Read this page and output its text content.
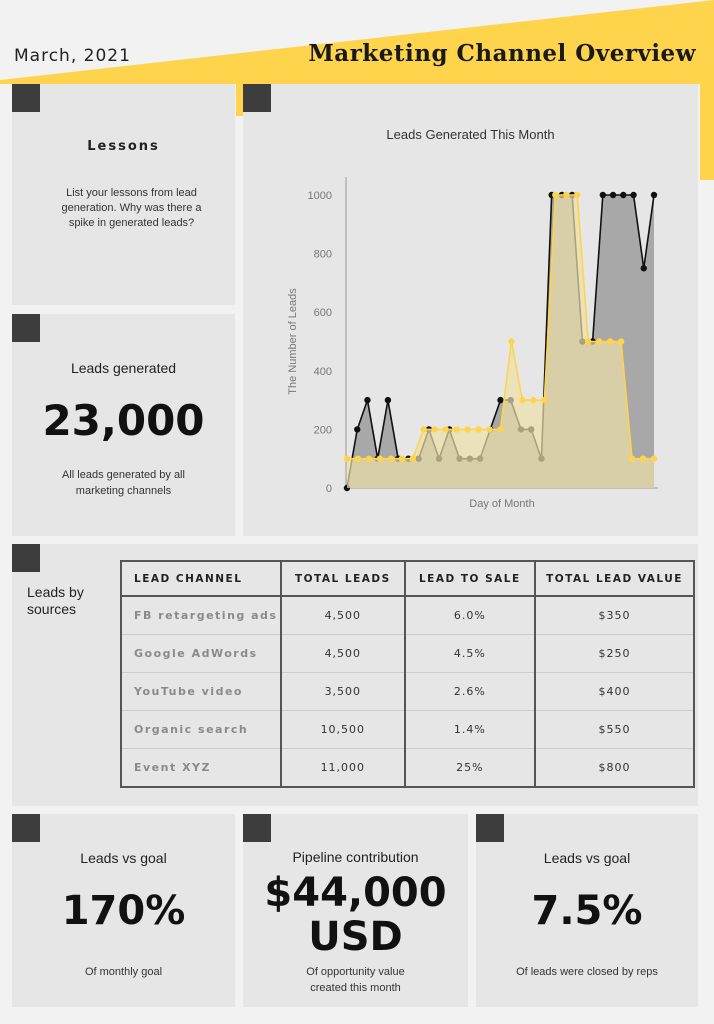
March, 2021	Marketing Channel Overview
Lessons
List your lessons from lead generation. Why was there a spike in generated leads?
Leads generated
23,000
All leads generated by all marketing channels
Leads Generated This Month
0
200
400
600
800
1000
The Number of Leads
Day of Month
Leads by sources
LEAD CHANNEL	TOTAL LEADS	LEAD TO SALE	TOTAL LEAD VALUE
FB retargeting ads	4,500	6.0%	$350
Google AdWords	4,500	4.5%	$250
YouTube video	3,500	2.6%	$400
Organic search	10,500	1.4%	$550
Event XYZ	11,000	25%	$800
Leads vs goal
170%
Of monthly goal
Pipeline contribution
$44,000
USD
Of opportunity value created this month
Leads vs goal
7.5%
Of leads were closed by reps
